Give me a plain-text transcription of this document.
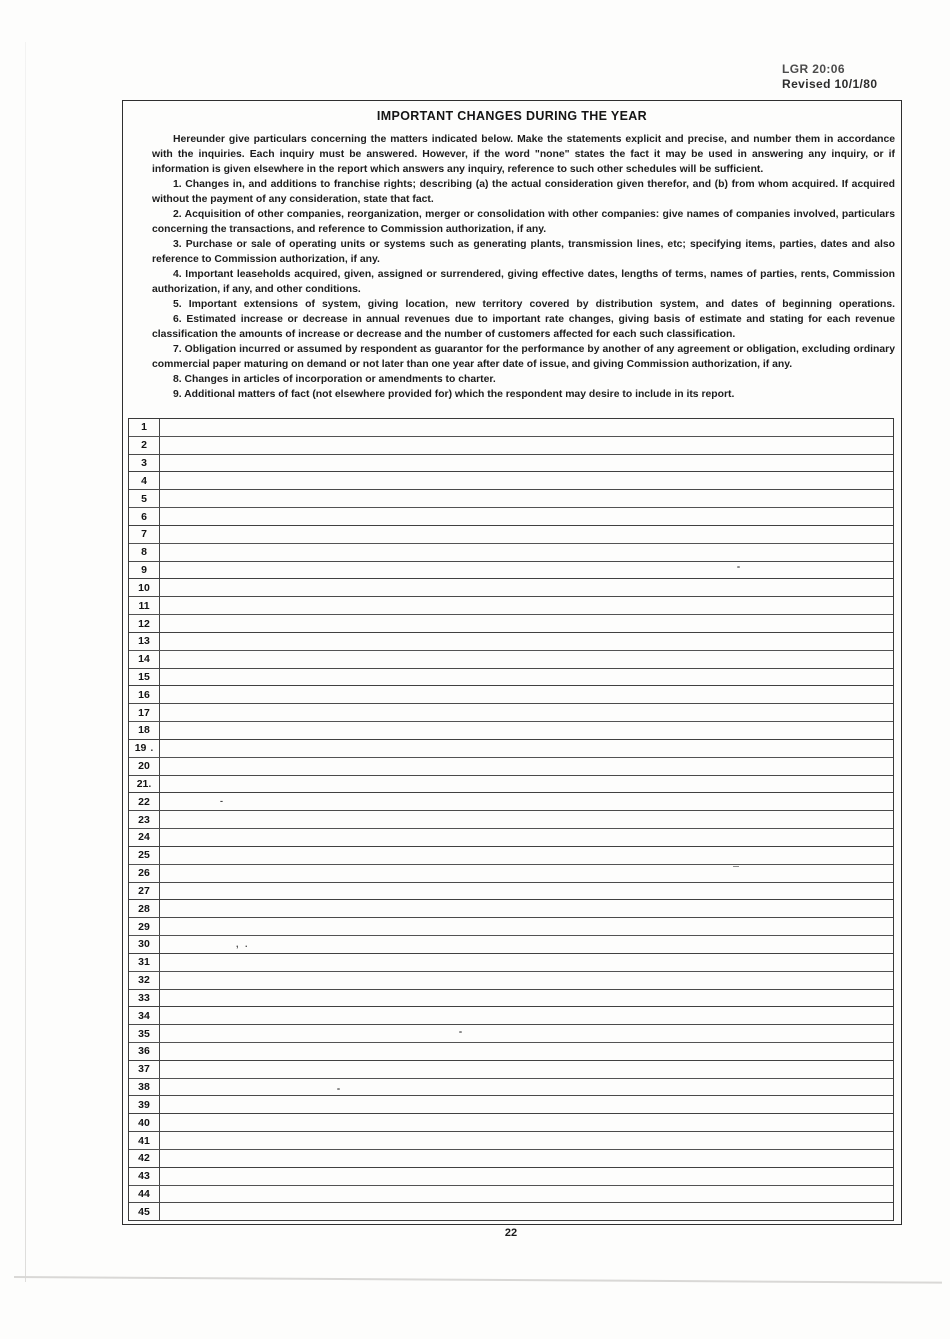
LGR 20:06
Revised 10/1/80
IMPORTANT CHANGES DURING THE YEAR

Hereunder give particulars concerning the matters indicated below. Make the statements explicit and precise, and number them in accordance with the inquiries. Each inquiry must be answered. However, if the word "none" states the fact it may be used in answering any inquiry, or if information is given elsewhere in the report which answers any inquiry, reference to such other schedules will be sufficient.

1. Changes in, and additions to franchise rights; describing (a) the actual consideration given therefor, and (b) from whom acquired. If acquired without the payment of any consideration, state that fact.

2. Acquisition of other companies, reorganization, merger or consolidation with other companies: give names of companies involved, particulars concerning the transactions, and reference to Commission authorization, if any.

3. Purchase or sale of operating units or systems such as generating plants, transmission lines, etc; specifying items, parties, dates and also reference to Commission authorization, if any.

4. Important leaseholds acquired, given, assigned or surrendered, giving effective dates, lengths of terms, names of parties, rents, Commission authorization, if any, and other conditions.

5. Important extensions of system, giving location, new territory covered by distribution system, and dates of beginning operations.

6. Estimated increase or decrease in annual revenues due to important rate changes, giving basis of estimate and stating for each revenue classification the amounts of increase or decrease and the number of customers affected for each such classification.

7. Obligation incurred or assumed by respondent as guarantor for the performance by another of any agreement or obligation, excluding ordinary commercial paper maturing on demand or not later than one year after date of issue, and giving Commission authorization, if any.

8. Changes in articles of incorporation or amendments to charter.

9. Additional matters of fact (not elsewhere provided for) which the respondent may desire to include in its report.

1
2
3
4
5
6
7
8
9
10
11
12
13
14
15
16
17
18
19 .
20
21 .
22	-
23
24
25
26
27
28
29
30	, .
31
32
33
34
35
36
37
38
39
40
41
42
43
44
45
22
